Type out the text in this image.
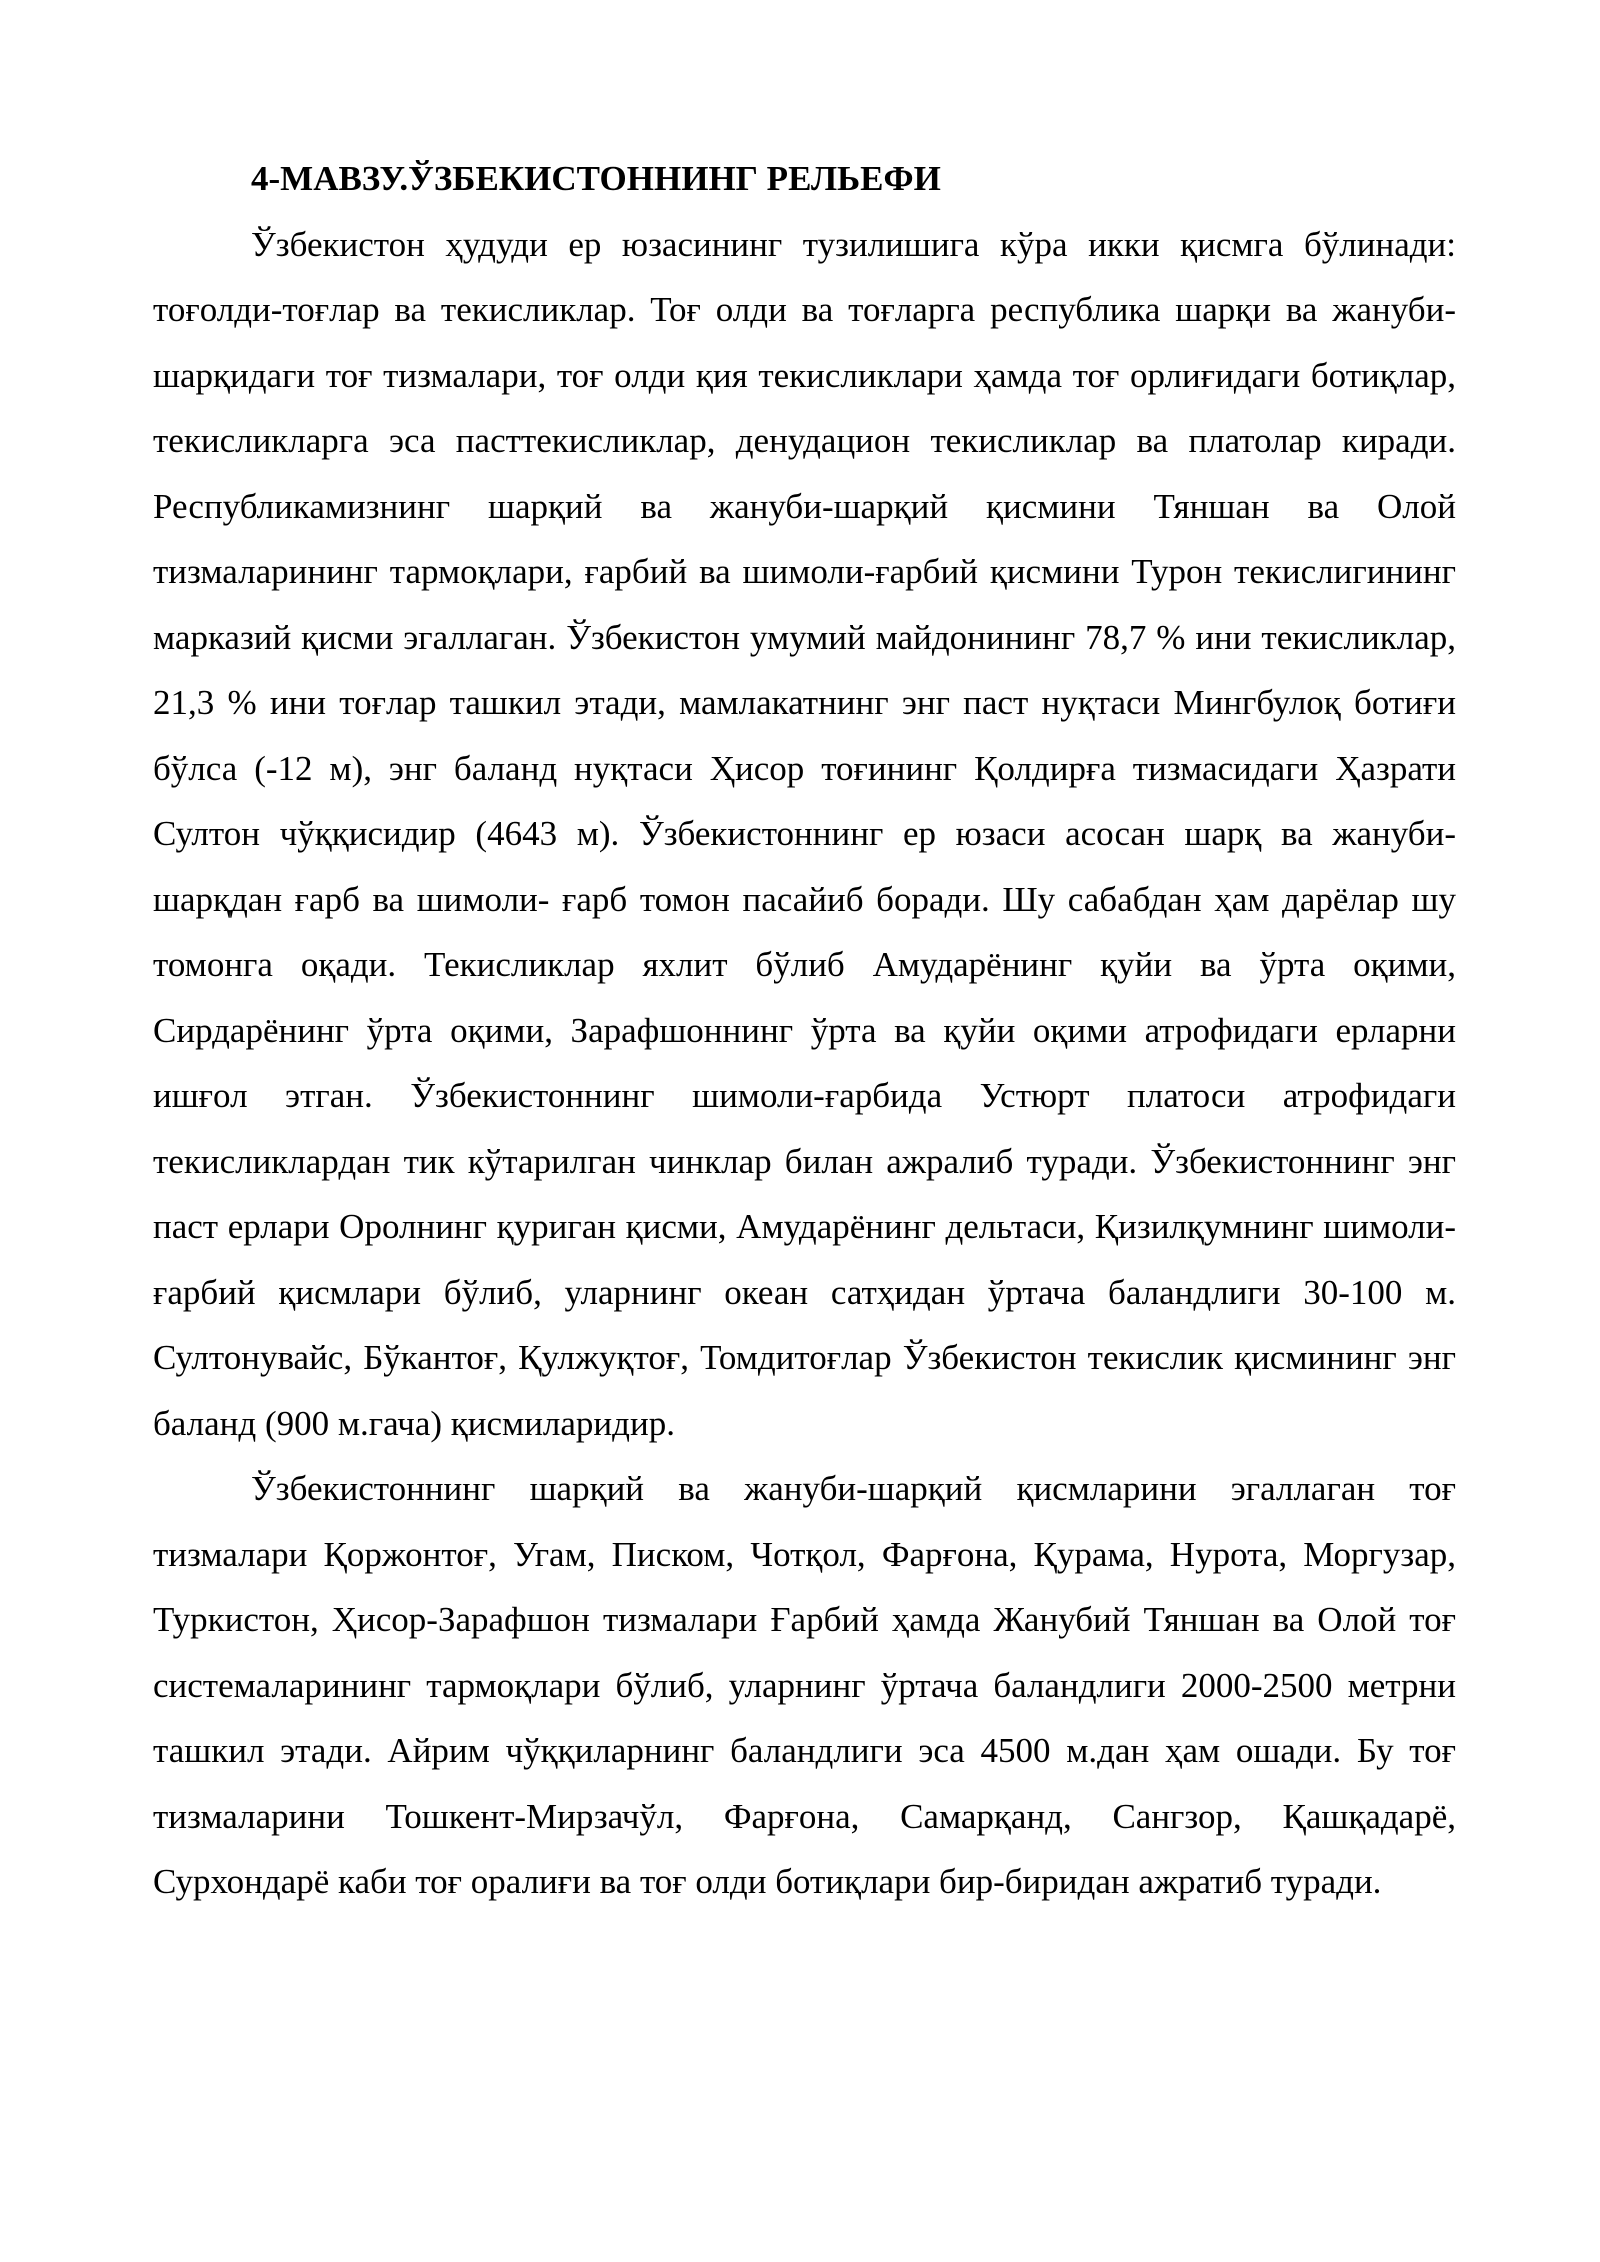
4-МАВЗУ.ЎЗБЕКИСТОННИНГ РЕЛЬЕФИ

Ўзбекистон ҳудуди ер юзасининг тузилишига кўра икки қисмга бўлинади: тоғолди-тоғлар ва текисликлар. Тоғ олди ва тоғларга республика шарқи ва жануби-шарқидаги тоғ тизмалари, тоғ олди қия текисликлари ҳамда тоғ орлиғидаги ботиқлар, текисликларга эса пасттекисликлар, денудацион текисликлар ва платолар киради. Республикамизнинг шарқий ва жануби-шарқий қисмини Тяншан ва Олой тизмаларининг тармоқлари, ғарбий ва шимоли-ғарбий қисмини Турон текислигининг марказий қисми эгаллаган. Ўзбекистон умумий майдонининг 78,7 % ини текисликлар, 21,3 % ини тоғлар ташкил этади, мамлакатнинг энг паст нуқтаси Мингбулоқ ботиғи бўлса (-12 м), энг баланд нуқтаси Ҳисор тоғининг Қолдирға тизмасидаги Ҳазрати Султон чўққисидир (4643 м). Ўзбекистоннинг ер юзаси асосан шарқ ва жануби-шарқдан ғарб ва шимоли- ғарб томон пасайиб боради. Шу сабабдан ҳам дарёлар шу томонга оқади. Текисликлар яхлит бўлиб Амударёнинг қуйи ва ўрта оқими, Сирдарёнинг ўрта оқими, Зарафшоннинг ўрта ва қуйи оқими атрофидаги ерларни ишғол этган. Ўзбекистоннинг шимоли-ғарбида Устюрт платоси атрофидаги текисликлардан тик кўтарилган чинклар билан ажралиб туради. Ўзбекистоннинг энг паст ерлари Оролнинг қуриган қисми, Амударёнинг дельтаси, Қизилқумнинг шимоли-ғарбий қисмлари бўлиб, уларнинг океан сатҳидан ўртача баландлиги 30-100 м. Султонувайс, Бўкантоғ, Қулжуқтоғ, Томдитоғлар Ўзбекистон текислик қисмининг энг баланд (900 м.гача) қисмиларидир.

Ўзбекистоннинг шарқий ва жануби-шарқий қисмларини эгаллаган тоғ тизмалари Қоржонтоғ, Угам, Писком, Чотқол, Фарғона, Қурама, Нурота, Моргузар, Туркистон, Ҳисор-Зарафшон тизмалари Ғарбий ҳамда Жанубий Тяншан ва Олой тоғ системаларининг тармоқлари бўлиб, уларнинг ўртача баландлиги 2000-2500 метрни ташкил этади. Айрим чўққиларнинг баландлиги эса 4500 м.дан ҳам ошади. Бу тоғ тизмаларини Тошкент-Мирзачўл, Фарғона, Самарқанд, Сангзор, Қашқадарё, Сурхондарё каби тоғ оралиғи ва тоғ олди ботиқлари бир-биридан ажратиб туради.
